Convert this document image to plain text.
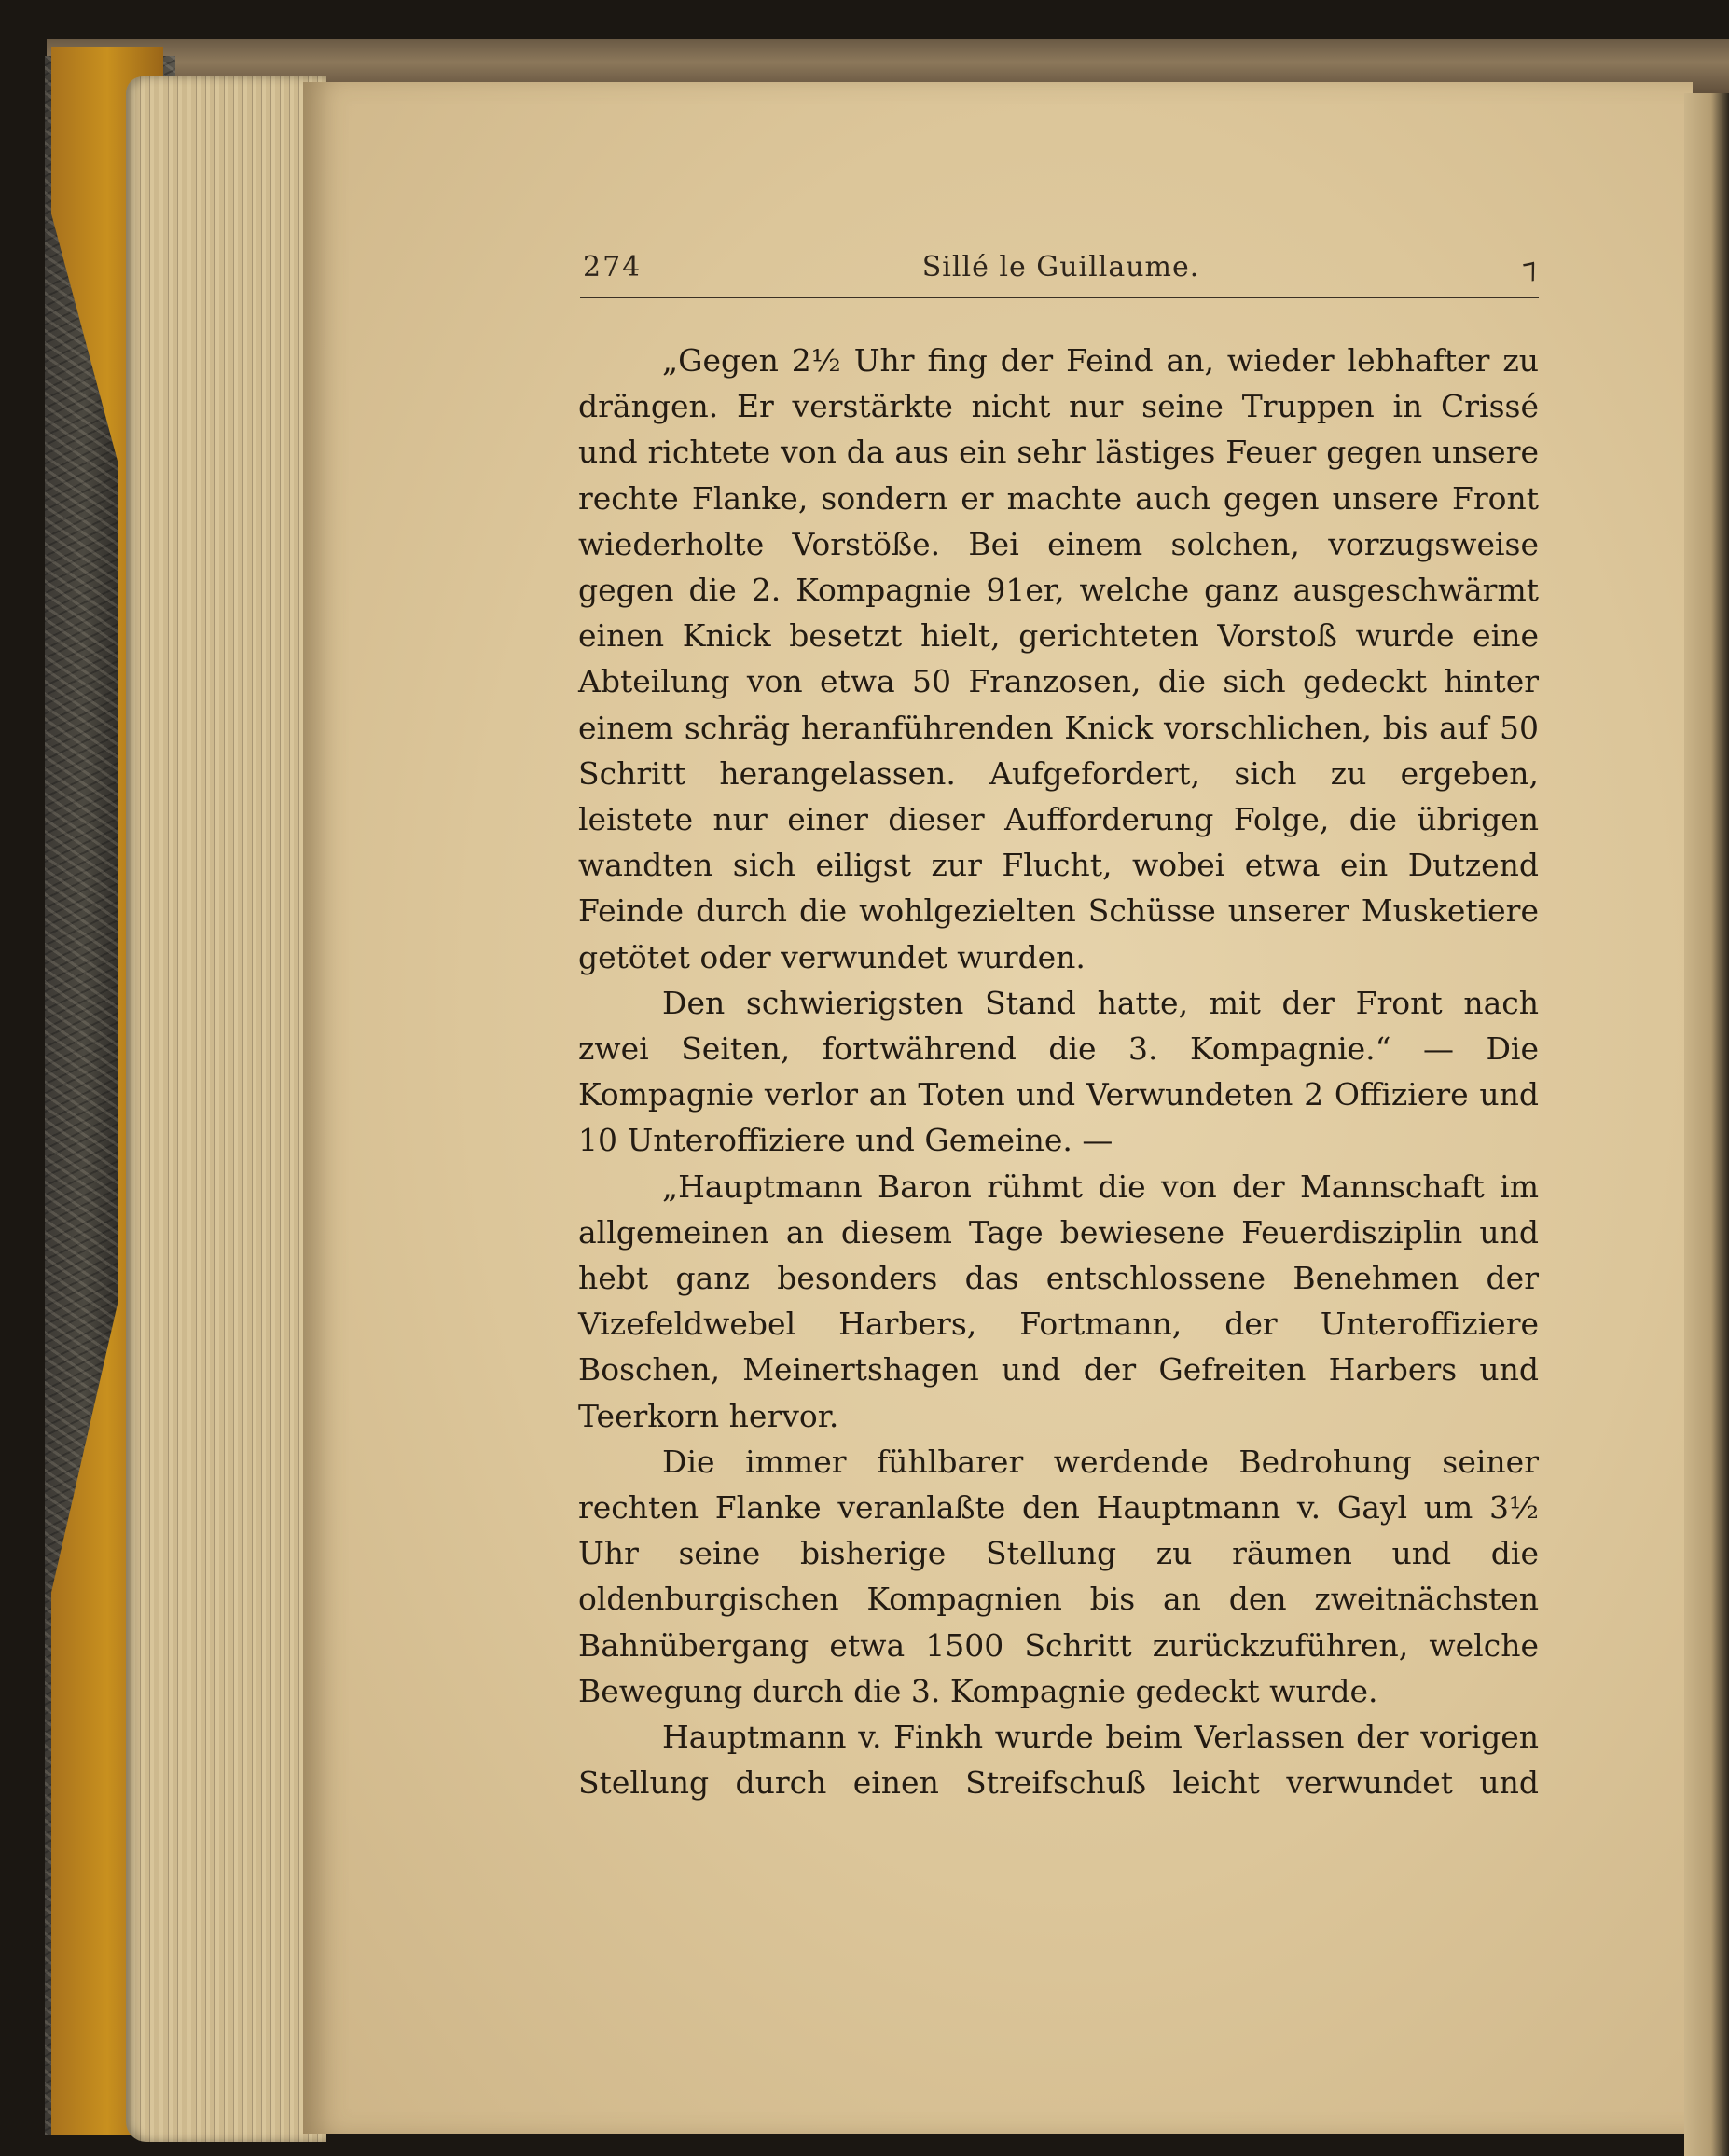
274	Sillé le Guillaume.	⁊

„Gegen 2½ Uhr fing der Feind an, wieder lebhafter zu drängen. Er verstärkte nicht nur seine Truppen in Crissé und richtete von da aus ein sehr lästiges Feuer gegen unsere rechte Flanke, sondern er machte auch gegen unsere Front wiederholte Vorstöße. Bei einem solchen, vorzugsweise gegen die 2. Kompagnie 91er, welche ganz ausgeschwärmt einen Knick besetzt hielt, gerichteten Vorstoß wurde eine Abteilung von etwa 50 Franzosen, die sich gedeckt hinter einem schräg heranführenden Knick vorschlichen, bis auf 50 Schritt herangelassen. Aufgefordert, sich zu ergeben, leistete nur einer dieser Aufforderung Folge, die übrigen wandten sich eiligst zur Flucht, wobei etwa ein Dutzend Feinde durch die wohlgezielten Schüsse unserer Musketiere getötet oder verwundet wurden.

Den schwierigsten Stand hatte, mit der Front nach zwei Seiten, fortwährend die 3. Kompagnie.“ — Die Kompagnie verlor an Toten und Verwundeten 2 Offiziere und 10 Unteroffiziere und Gemeine. —

„Hauptmann Baron rühmt die von der Mannschaft im allgemeinen an diesem Tage bewiesene Feuerdisziplin und hebt ganz besonders das entschlossene Benehmen der Vizefeldwebel Harbers, Fortmann, der Unteroffiziere Boschen, Meinertshagen und der Gefreiten Harbers und Teerkorn hervor.

Die immer fühlbarer werdende Bedrohung seiner rechten Flanke veranlaßte den Hauptmann v. Gayl um 3½ Uhr seine bisherige Stellung zu räumen und die oldenburgischen Kompagnien bis an den zweitnächsten Bahnübergang etwa 1500 Schritt zurückzuführen, welche Bewegung durch die 3. Kompagnie gedeckt wurde.

Hauptmann v. Finkh wurde beim Verlassen der vorigen Stellung durch einen Streifschuß leicht verwundet und
